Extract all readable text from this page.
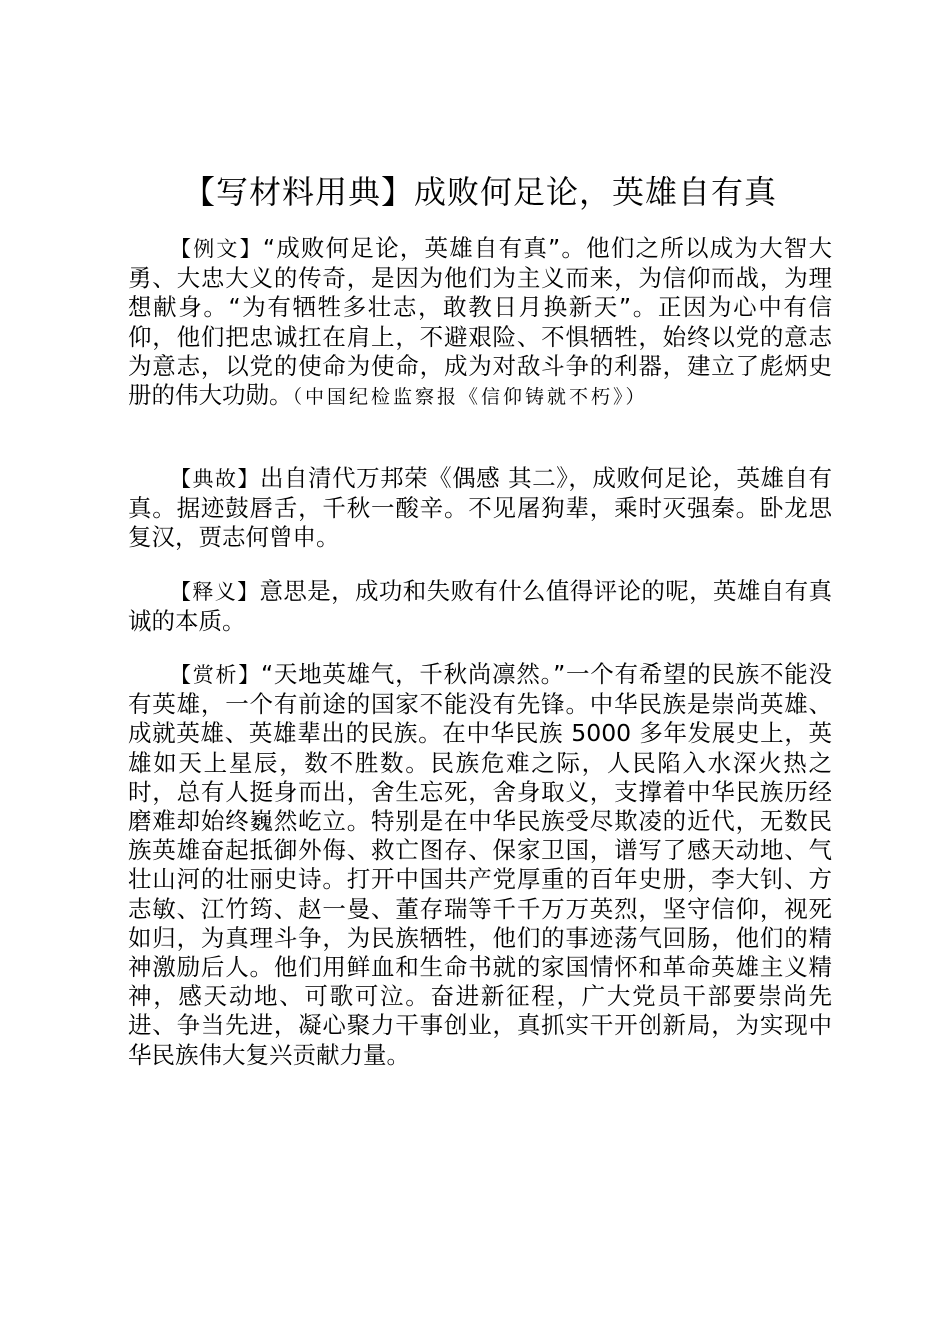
【写材料用典】成败何足论，英雄自有真

【例文】“成败何足论，英雄自有真”。他们之所以成为大智大勇、大忠大义的传奇，是因为他们为主义而来，为信仰而战，为理想献身。“为有牺牲多壮志，敢教日月换新天”。正因为心中有信仰，他们把忠诚扛在肩上，不避艰险、不惧牺牲，始终以党的意志为意志，以党的使命为使命，成为对敌斗争的利器，建立了彪炳史册的伟大功勋。（中国纪检监察报《信仰铸就不朽》）

【典故】出自清代万邦荣《偶感 其二》，成败何足论，英雄自有真。据迹鼓唇舌，千秋一酸辛。不见屠狗辈，乘时灭强秦。卧龙思复汉，贾志何曾申。

【释义】意思是，成功和失败有什么值得评论的呢，英雄自有真诚的本质。

【赏析】“天地英雄气，千秋尚凛然。”一个有希望的民族不能没有英雄，一个有前途的国家不能没有先锋。中华民族是崇尚英雄、成就英雄、英雄辈出的民族。在中华民族 5000 多年发展史上，英雄如天上星辰，数不胜数。民族危难之际，人民陷入水深火热之时，总有人挺身而出，舍生忘死，舍身取义，支撑着中华民族历经磨难却始终巍然屹立。特别是在中华民族受尽欺凌的近代，无数民族英雄奋起抵御外侮、救亡图存、保家卫国，谱写了感天动地、气壮山河的壮丽史诗。打开中国共产党厚重的百年史册，李大钊、方志敏、江竹筠、赵一曼、董存瑞等千千万万英烈，坚守信仰，视死如归，为真理斗争，为民族牺牲，他们的事迹荡气回肠，他们的精神激励后人。他们用鲜血和生命书就的家国情怀和革命英雄主义精神，感天动地、可歌可泣。奋进新征程，广大党员干部要崇尚先进、争当先进，凝心聚力干事创业，真抓实干开创新局，为实现中华民族伟大复兴贡献力量。
